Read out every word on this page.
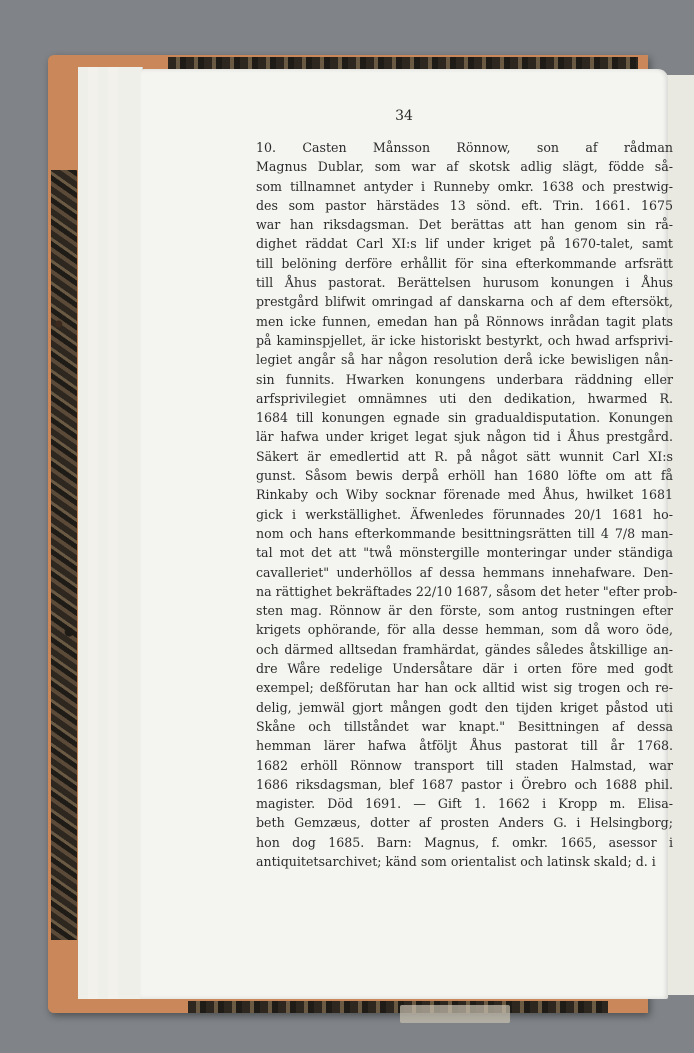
34
10. Casten Månsson Rönnow, son af rådman
Magnus Dublar, som war af skotsk adlig slägt, födde så-
som tillnamnet antyder i Runneby omkr. 1638 och prestwig-
des som pastor härstädes 13 sönd. eft. Trin. 1661. 1675
war han riksdagsman. Det berättas att han genom sin rå-
dighet räddat Carl XI:s lif under kriget på 1670-talet, samt
till belöning derföre erhållit för sina efterkommande arfsrätt
till Åhus pastorat. Berättelsen hurusom konungen i Åhus
prestgård blifwit omringad af danskarna och af dem eftersökt,
men icke funnen, emedan han på Rönnows inrådan tagit plats
på kaminspjellet, är icke historiskt bestyrkt, och hwad arfsprivi-
legiet angår så har någon resolution derå icke bewisligen nån-
sin funnits. Hwarken konungens underbara räddning eller
arfsprivilegiet omnämnes uti den dedikation, hwarmed R.
1684 till konungen egnade sin gradualdisputation. Konungen
lär hafwa under kriget legat sjuk någon tid i Åhus prestgård.
Säkert är emedlertid att R. på något sätt wunnit Carl XI:s
gunst. Såsom bewis derpå erhöll han 1680 löfte om att få
Rinkaby och Wiby socknar förenade med Åhus, hwilket 1681
gick i werkställighet. Äfwenledes förunnades 20/1 1681 ho-
nom och hans efterkommande besittningsrätten till 4 7/8 man-
tal mot det att "twå mönstergille monteringar under ständiga
cavalleriet" underhöllos af dessa hemmans innehafware. Den-
na rättighet bekräftades 22/10 1687, såsom det heter "efter prob-
sten mag. Rönnow är den förste, som antog rustningen efter
krigets ophörande, för alla desse hemman, som då woro öde,
och därmed alltsedan framhärdat, gändes således åtskillige an-
dre Wåre redelige Undersåtare där i orten före med godt
exempel; deßförutan har han ock alltid wist sig trogen och re-
delig, jemwäl gjort mången godt den tijden kriget påstod uti
Skåne och tillståndet war knapt." Besittningen af dessa
hemman lärer hafwa åtföljt Åhus pastorat till år 1768.
1682 erhöll Rönnow transport till staden Halmstad, war
1686 riksdagsman, blef 1687 pastor i Örebro och 1688 phil.
magister. Död 1691. — Gift 1. 1662 i Kropp m. Elisa-
beth Gemzæus, dotter af prosten Anders G. i Helsingborg;
hon dog 1685. Barn: Magnus, f. omkr. 1665, asessor i
antiquitetsarchivet; känd som orientalist och latinsk skald; d. i
